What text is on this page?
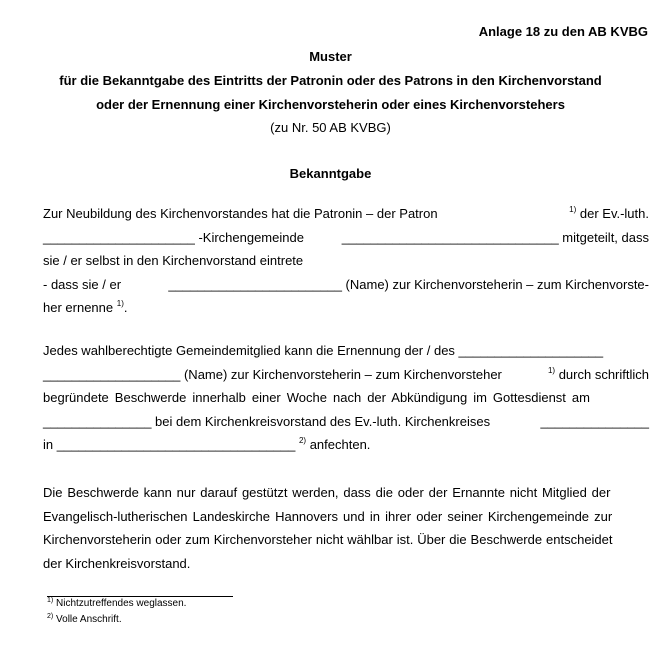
Anlage 18 zu den AB KVBG
Muster
für die Bekanntgabe des Eintritts der Patronin oder des Patrons in den Kirchenvorstand
oder der Ernennung einer Kirchenvorsteherin oder eines Kirchenvorstehers
(zu Nr. 50 AB KVBG)
Bekanntgabe
Zur Neubildung des Kirchenvorstandes hat die Patronin – der Patron	$^{1)}$ der Ev.-luth.
_____________________ -Kirchengemeinde	______________________________ mitgeteilt, dass
sie / er selbst in den Kirchenvorstand eintrete
- dass sie / er	________________________ (Name) zur Kirchenvorsteherin – zum Kirchenvorste-
her ernenne $^{1)}$.
Jedes wahlberechtigte Gemeindemitglied kann die Ernennung der / des ____________________
___________________ (Name) zur Kirchenvorsteherin – zum Kirchenvorsteher	$^{1)}$ durch schriftlich
begründete Beschwerde innerhalb einer Woche nach der Abkündigung im Gottesdienst am
_______________ bei dem Kirchenkreisvorstand des Ev.-luth. Kirchenkreises	_______________
in _________________________________ $^{2)}$ anfechten.
Die Beschwerde kann nur darauf gestützt werden, dass die oder der Ernannte nicht Mitglied der
Evangelisch-lutherischen Landeskirche Hannovers und in ihrer oder seiner Kirchengemeinde zur
Kirchenvorsteherin oder zum Kirchenvorsteher nicht wählbar ist. Über die Beschwerde entscheidet
der Kirchenkreisvorstand.
$^{1)}$ Nichtzutreffendes weglassen.
$^{2)}$ Volle Anschrift.
